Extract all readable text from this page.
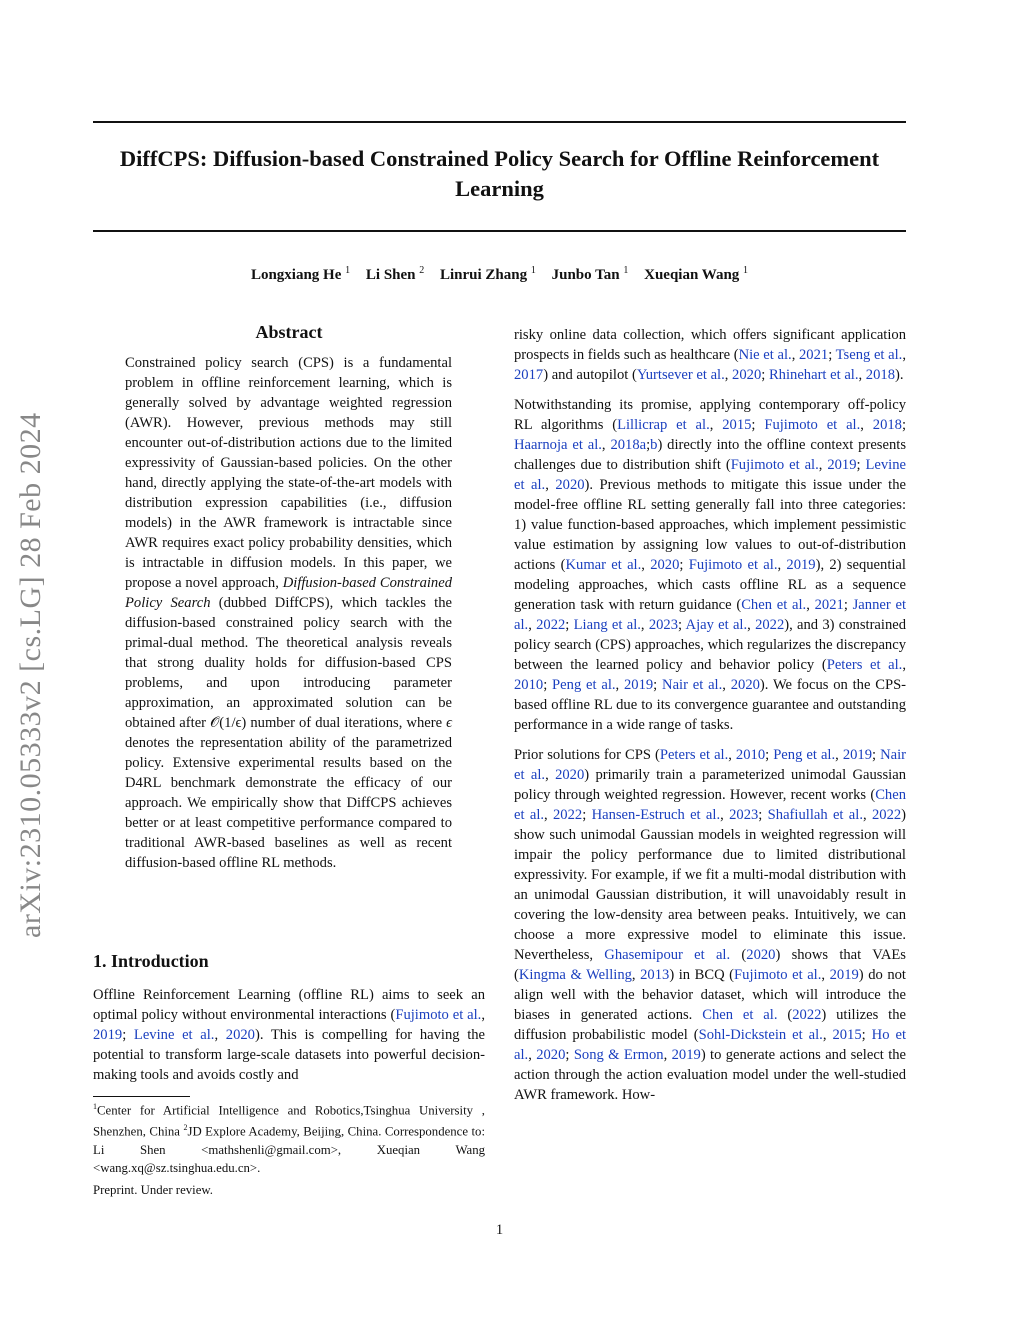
arXiv:2310.05333v2 [cs.LG] 28 Feb 2024
DiffCPS: Diffusion-based Constrained Policy Search for Offline Reinforcement Learning
Longxiang He $^1$ Li Shen $^2$ Linrui Zhang $^1$ Junbo Tan $^1$ Xueqian Wang $^1$
Abstract

Constrained policy search (CPS) is a fundamental problem in offline reinforcement learning, which is generally solved by advantage weighted regression (AWR). However, previous methods may still encounter out-of-distribution actions due to the limited expressivity of Gaussian-based policies. On the other hand, directly applying the state-of-the-art models with distribution expression capabilities (i.e., diffusion models) in the AWR framework is intractable since AWR requires exact policy probability densities, which is intractable in diffusion models. In this paper, we propose a novel approach, Diffusion-based Constrained Policy Search (dubbed DiffCPS), which tackles the diffusion-based constrained policy search with the primal-dual method. The theoretical analysis reveals that strong duality holds for diffusion-based CPS problems, and upon introducing parameter approximation, an approximated solution can be obtained after 𝒪(1/ϵ) number of dual iterations, where ϵ denotes the representation ability of the parametrized policy. Extensive experimental results based on the D4RL benchmark demonstrate the efficacy of our approach. We empirically show that DiffCPS achieves better or at least competitive performance compared to traditional AWR-based baselines as well as recent diffusion-based offline RL methods.

1. Introduction

Offline Reinforcement Learning (offline RL) aims to seek an optimal policy without environmental interactions (Fujimoto et al., 2019; Levine et al., 2020). This is compelling for having the potential to transform large-scale datasets into powerful decision-making tools and avoids costly and

$^1$Center for Artificial Intelligence and Robotics,Tsinghua University , Shenzhen, China $^2$JD Explore Academy, Beijing, China. Correspondence to: Li Shen <mathshenli@gmail.com>, Xueqian Wang <wang.xq@sz.tsinghua.edu.cn>.

Preprint. Under review.

risky online data collection, which offers significant application prospects in fields such as healthcare (Nie et al., 2021; Tseng et al., 2017) and autopilot (Yurtsever et al., 2020; Rhinehart et al., 2018).

Notwithstanding its promise, applying contemporary off-policy RL algorithms (Lillicrap et al., 2015; Fujimoto et al., 2018; Haarnoja et al., 2018a;b) directly into the offline context presents challenges due to distribution shift (Fujimoto et al., 2019; Levine et al., 2020). Previous methods to mitigate this issue under the model-free offline RL setting generally fall into three categories: 1) value function-based approaches, which implement pessimistic value estimation by assigning low values to out-of-distribution actions (Kumar et al., 2020; Fujimoto et al., 2019), 2) sequential modeling approaches, which casts offline RL as a sequence generation task with return guidance (Chen et al., 2021; Janner et al., 2022; Liang et al., 2023; Ajay et al., 2022), and 3) constrained policy search (CPS) approaches, which regularizes the discrepancy between the learned policy and behavior policy (Peters et al., 2010; Peng et al., 2019; Nair et al., 2020). We focus on the CPS-based offline RL due to its convergence guarantee and outstanding performance in a wide range of tasks.

Prior solutions for CPS (Peters et al., 2010; Peng et al., 2019; Nair et al., 2020) primarily train a parameterized unimodal Gaussian policy through weighted regression. However, recent works (Chen et al., 2022; Hansen-Estruch et al., 2023; Shafiullah et al., 2022) show such unimodal Gaussian models in weighted regression will impair the policy performance due to limited distributional expressivity. For example, if we fit a multi-modal distribution with an unimodal Gaussian distribution, it will unavoidably result in covering the low-density area between peaks. Intuitively, we can choose a more expressive model to eliminate this issue. Nevertheless, Ghasemipour et al. (2020) shows that VAEs (Kingma & Welling, 2013) in BCQ (Fujimoto et al., 2019) do not align well with the behavior dataset, which will introduce the biases in generated actions. Chen et al. (2022) utilizes the diffusion probabilistic model (Sohl-Dickstein et al., 2015; Ho et al., 2020; Song & Ermon, 2019) to generate actions and select the action through the action evaluation model under the well-studied AWR framework. How-

1
